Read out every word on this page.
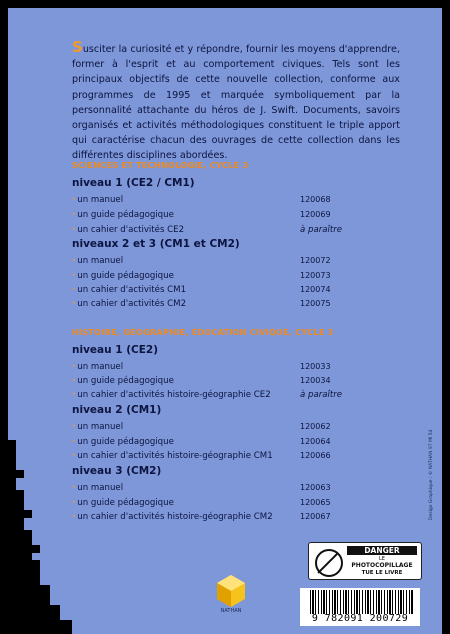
Susciter la curiosité et y répondre, fournir les moyens d'apprendre, former à l'esprit et au comportement civiques. Tels sont les principaux objectifs de cette nouvelle collection, conforme aux programmes de 1995 et marquée symboliquement par la personnalité attachante du héros de J. Swift. Documents, savoirs organisés et activités méthodologiques constituent le triple apport qui caractérise chacun des ouvrages de cette collection dans les différentes disciplines abordées.
SCIENCES ET TECHNOLOGIE, CYCLE 3
niveau 1 (CE2 / CM1)
· un manuel	120068
· un guide pédagogique	120069
· un cahier d'activités CE2	à paraître
niveaux 2 et 3 (CM1 et CM2)
· un manuel	120072
· un guide pédagogique	120073
· un cahier d'activités CM1	120074
· un cahier d'activités CM2	120075
HISTOIRE, GÉOGRAPHIE, ÉDUCATION CIVIQUE, CYCLE 3
niveau 1 (CE2)
· un manuel	120033
· un guide pédagogique	120034
· un cahier d'activités histoire-géographie CE2	à paraître
niveau 2 (CM1)
· un manuel	120062
· un guide pédagogique	120064
· un cahier d'activités histoire-géographie CM1	120066
niveau 3 (CM2)
· un manuel	120063
· un guide pédagogique	120065
· un cahier d'activités histoire-géographie CM2	120067
DANGER
LE
PHOTOCOPILLAGE
TUE LE LIVRE
NATHAN
9 782091 200729
Design Graphique : © NATHAN 97 MI 54
